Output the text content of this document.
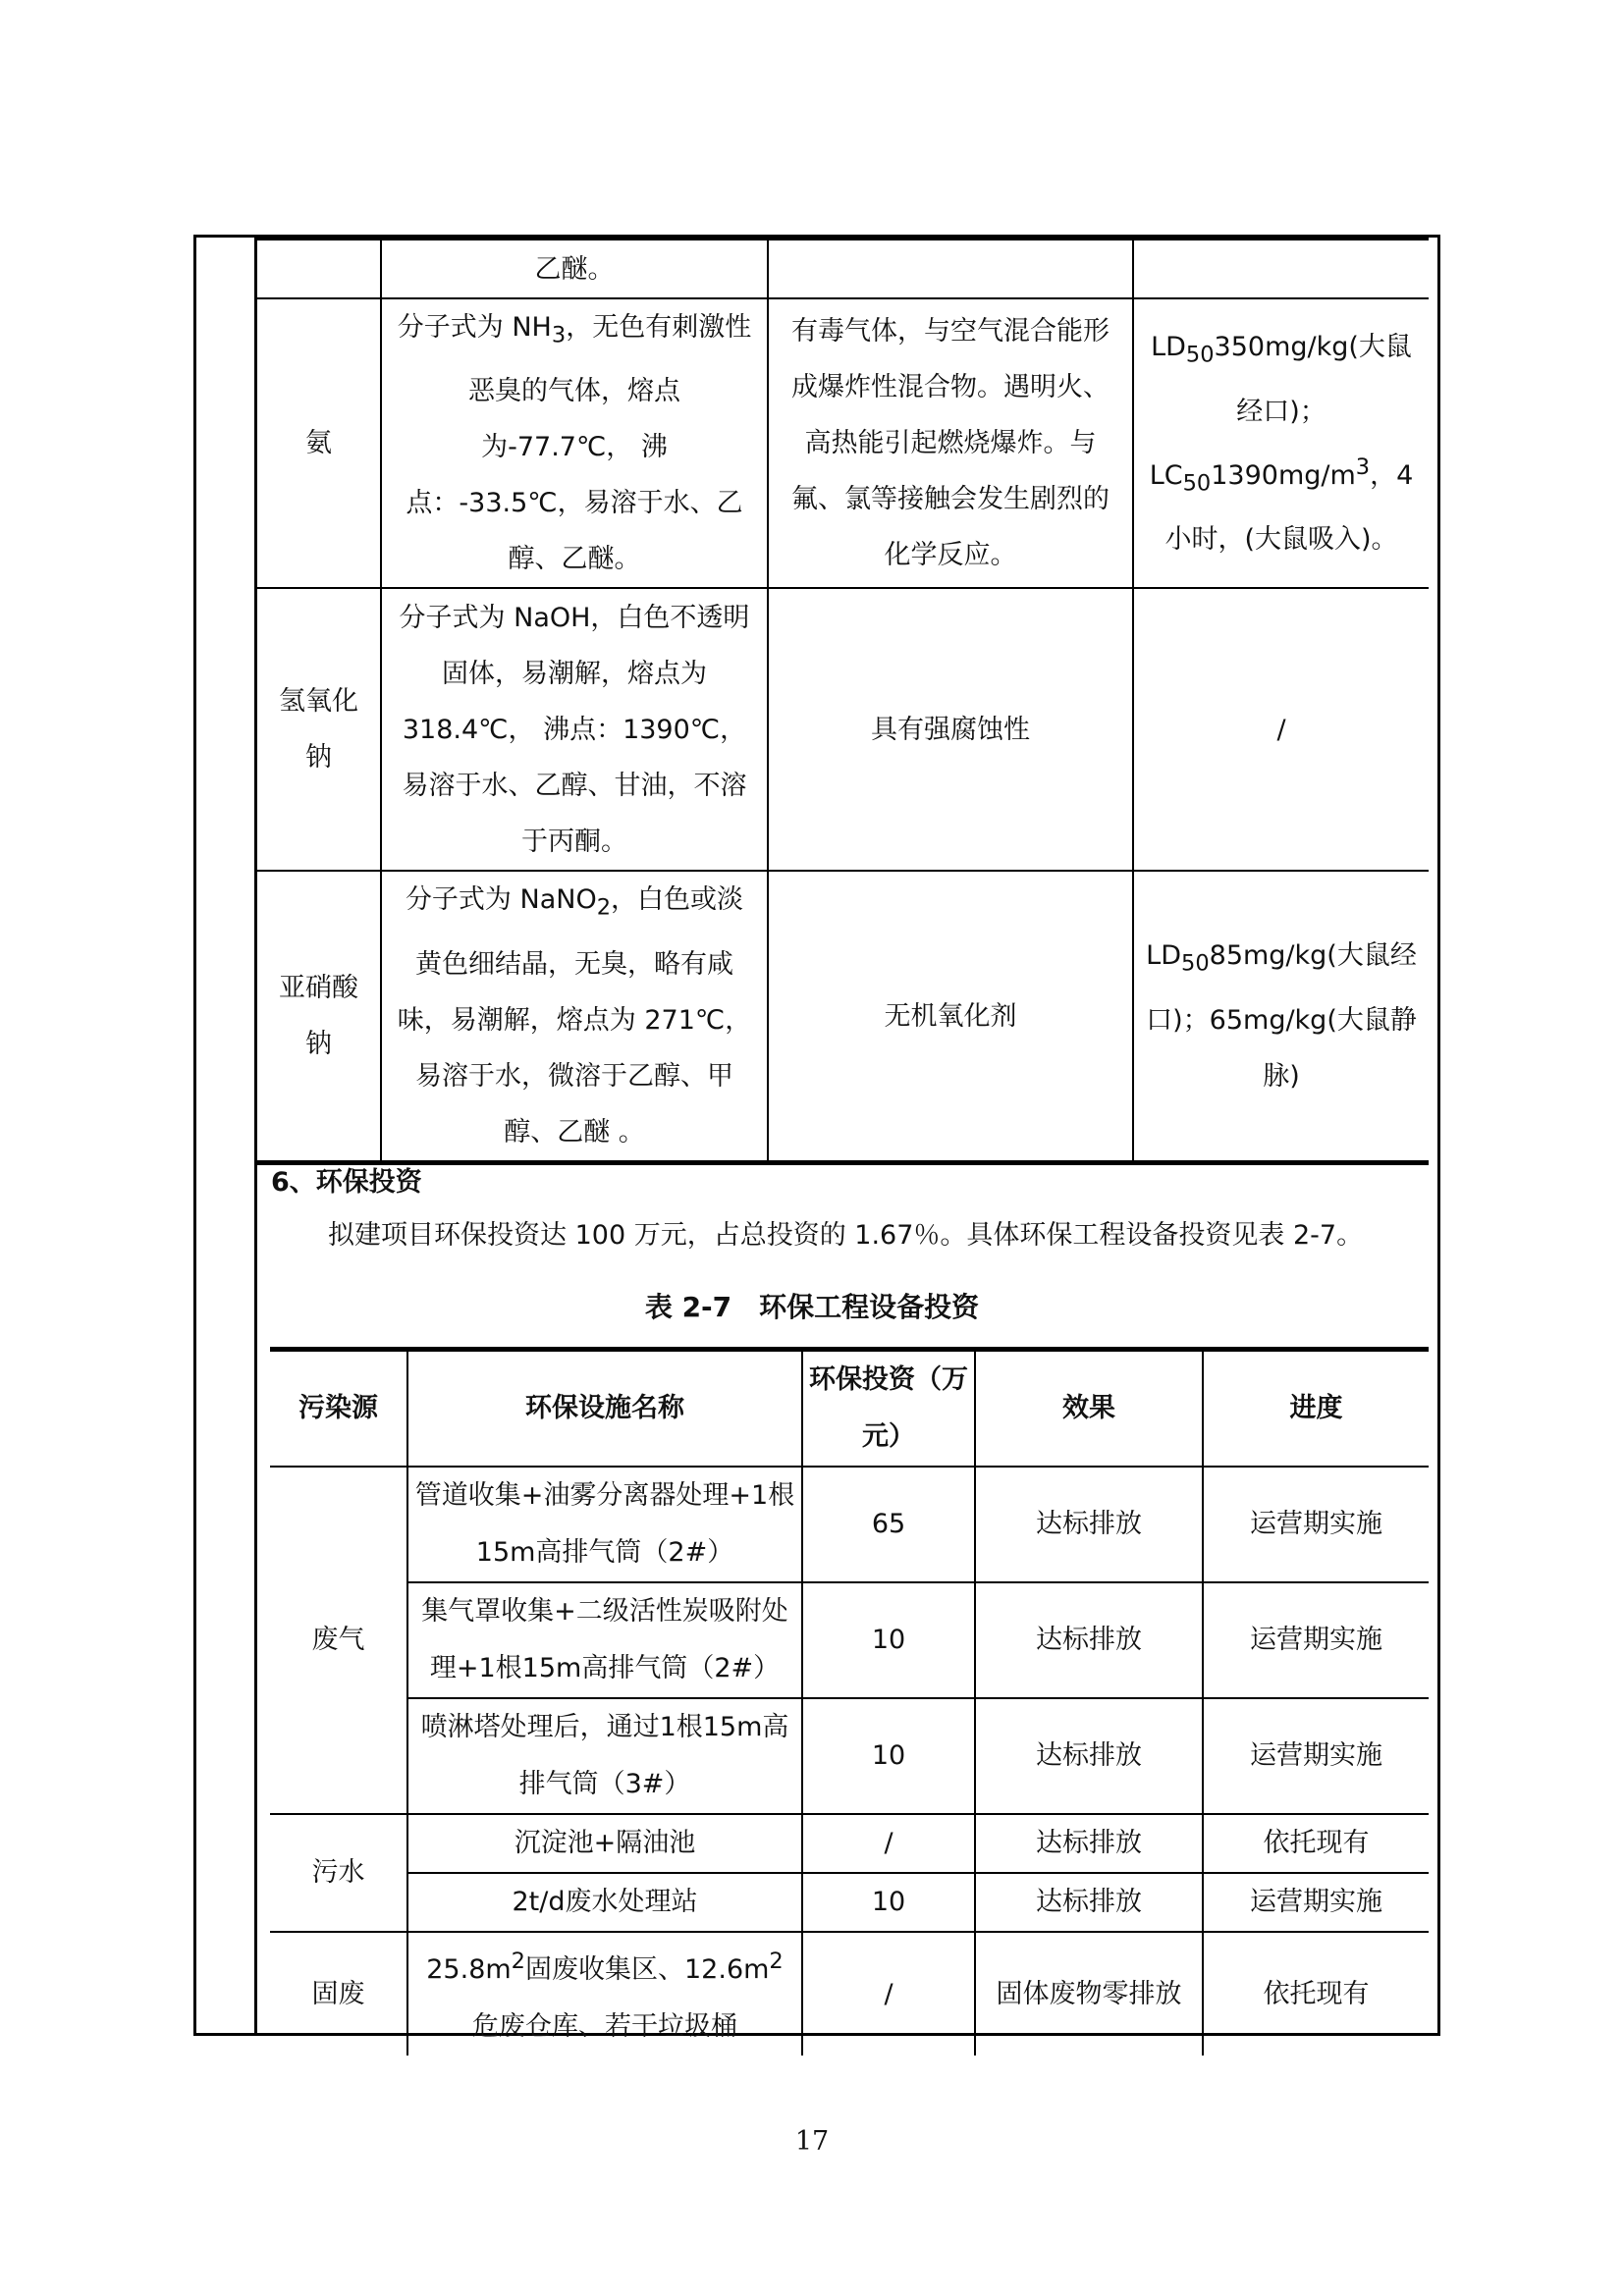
	乙醚。		
氨	分子式为 $NH_3$，无色有刺激性恶臭的气体，熔点为-77.7℃， 沸点：-33.5℃，易溶于水、乙醇、乙醚。	有毒气体，与空气混合能形成爆炸性混合物。遇明火、高热能引起燃烧爆炸。与氟、氯等接触会发生剧烈的化学反应。	$LD_{50}350mg/kg$(大鼠经口)；$LC_{50}1390mg/m^3$，4小时，(大鼠吸入)。
氢氧化钠	分子式为 NaOH，白色不透明固体，易潮解，熔点为 318.4℃， 沸点：1390℃，易溶于水、乙醇、甘油，不溶于丙酮。	具有强腐蚀性	/
亚硝酸钠	分子式为 NaNO$_2$，白色或淡黄色细结晶，无臭，略有咸味，易潮解，熔点为 271℃，易溶于水，微溶于乙醇、甲醇、乙醚 。	无机氧化剂	$LD_{50}85mg/kg$(大鼠经口)；65mg/kg(大鼠静脉)
6、环保投资
拟建项目环保投资达 100 万元，占总投资的 1.67％。具体环保工程设备投资见表 2-7。
表 2-7　环保工程设备投资
污染源	环保设施名称	环保投资（万元）	效果	进度
废气	管道收集+油雾分离器处理+1根15m高排气筒（2#）	65	达标排放	运营期实施
	集气罩收集+二级活性炭吸附处理+1根15m高排气筒（2#）	10	达标排放	运营期实施
	喷淋塔处理后，通过1根15m高排气筒（3#）	10	达标排放	运营期实施
污水	沉淀池+隔油池	/	达标排放	依托现有
	2t/d废水处理站	10	达标排放	运营期实施
固废	$25.8m^2$固废收集区、$12.6m^2$危废仓库、若干垃圾桶	/	固体废物零排放	依托现有
17
